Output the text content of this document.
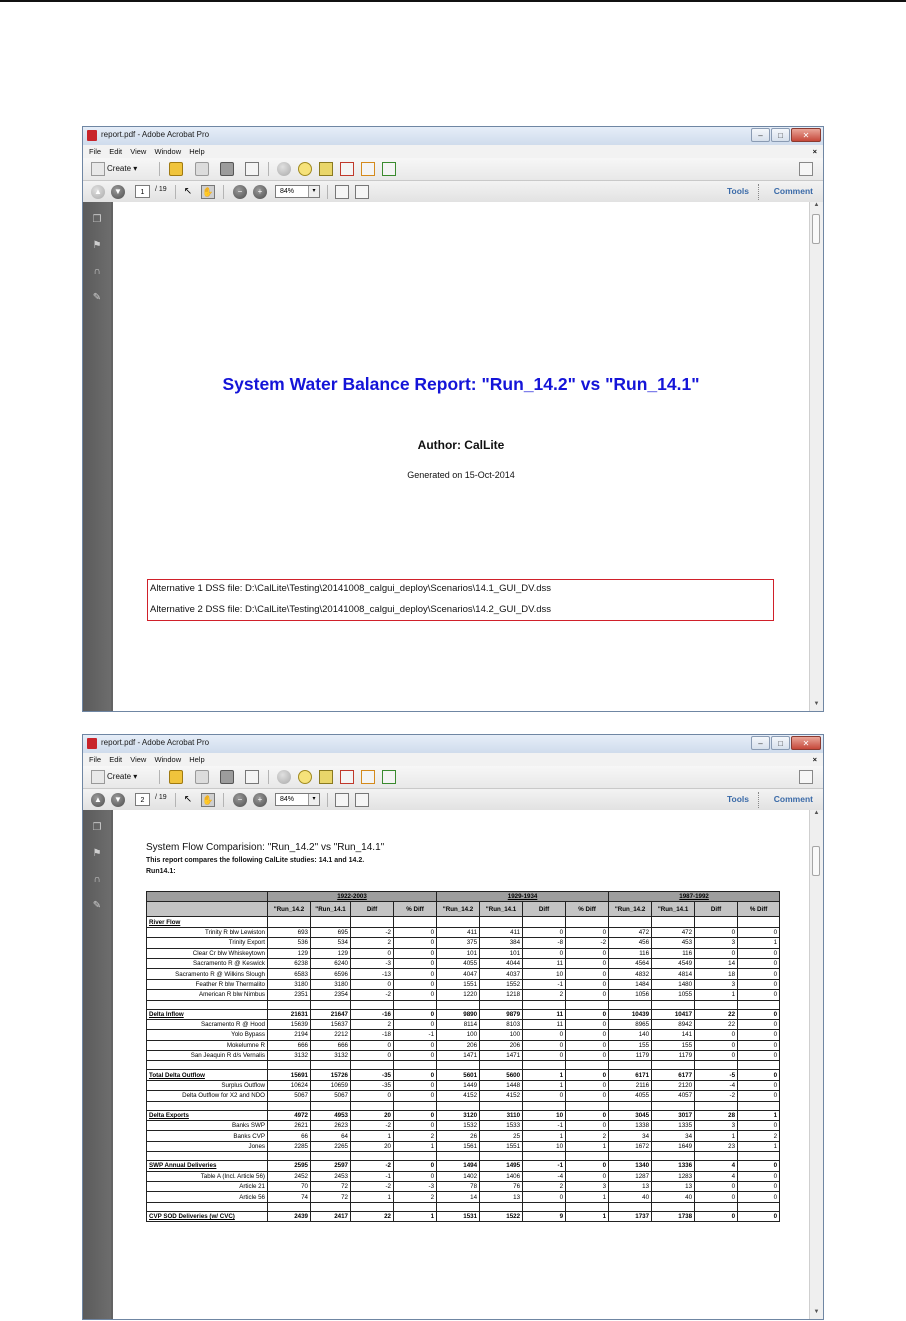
report.pdf - Adobe Acrobat Pro	–	□	✕
File Edit View Window Help	×
Create ▾
▲	▼	1	/ 19 ↖	✋	−	+	84%	▾	Tools	Comment
❐
⚑
∩
✎
System Water Balance Report: "Run_14.2" vs "Run_14.1"
Author: CalLite
Generated on 15-Oct-2014
Alternative 1 DSS file: D:\CalLite\Testing\20141008_calgui_deploy\Scenarios\14.1_GUI_DV.dss
Alternative 2 DSS file: D:\CalLite\Testing\20141008_calgui_deploy\Scenarios\14.2_GUI_DV.dss
▲
▼
report.pdf - Adobe Acrobat Pro	–	□	✕
File Edit View Window Help	×
Create ▾
▲	▼	2	/ 19 ↖	✋	−	+	84%	▾	Tools	Comment
❐
⚑
∩
✎
System Flow Comparision: "Run_14.2" vs "Run_14.1"
This report compares the following CalLite studies: 14.1 and 14.2.
Run14.1:
	1922-2003				1929-1934				1987-1992			
	"Run_14.2	"Run_14.1	Diff	% Diff	"Run_14.2	"Run_14.1	Diff	% Diff	"Run_14.2	"Run_14.1	Diff	% Diff
River Flow												
Trinity R blw Lewiston	693	695	-2	0	411	411	0	0	472	472	0	0
Trinity Export	536	534	2	0	375	384	-8	-2	456	453	3	1
Clear Cr blw Whiskeytown	129	129	0	0	101	101	0	0	116	116	0	0
Sacramento R @ Keswick	6238	6240	-3	0	4055	4044	11	0	4564	4549	14	0
Sacramento R @ Wilkins Slough	6583	6596	-13	0	4047	4037	10	0	4832	4814	18	0
Feather R blw Thermalito	3180	3180	0	0	1551	1552	-1	0	1484	1480	3	0
American R blw Nimbus	2351	2354	-2	0	1220	1218	2	0	1056	1055	1	0

Delta Inflow	21631	21647	-16	0	9890	9879	11	0	10439	10417	22	0
Sacramento R @ Hood	15639	15637	2	0	8114	8103	11	0	8965	8942	22	0
Yolo Bypass	2194	2212	-18	-1	100	100	0	0	140	141	0	0
Mokelumne R	666	666	0	0	206	206	0	0	155	155	0	0
San Jeaquin R d/s Vernalis	3132	3132	0	0	1471	1471	0	0	1179	1179	0	0

Total Delta Outflow	15691	15726	-35	0	5601	5600	1	0	6171	6177	-5	0
Surplus Outflow	10624	10659	-35	0	1449	1448	1	0	2116	2120	-4	0
Delta Outflow for X2 and NDO	5067	5067	0	0	4152	4152	0	0	4055	4057	-2	0

Delta Exports	4972	4953	20	0	3120	3110	10	0	3045	3017	28	1
Banks SWP	2621	2623	-2	0	1532	1533	-1	0	1338	1335	3	0
Banks CVP	66	64	1	2	26	25	1	2	34	34	1	2
Jones	2285	2265	20	1	1561	1551	10	1	1672	1649	23	1

SWP Annual Deliveries	2595	2597	-2	0	1494	1495	-1	0	1340	1336	4	0
Table A (Incl. Article 56)	2452	2453	-1	0	1402	1406	-4	0	1287	1283	4	0
Article 21	70	72	-2	-3	78	76	2	3	13	13	0	0
Article 56	74	72	1	2	14	13	0	1	40	40	0	0

CVP SOD Deliveries (w/ CVC)	2439	2417	22	1	1531	1522	9	1	1737	1738	0	0
▲
▼
